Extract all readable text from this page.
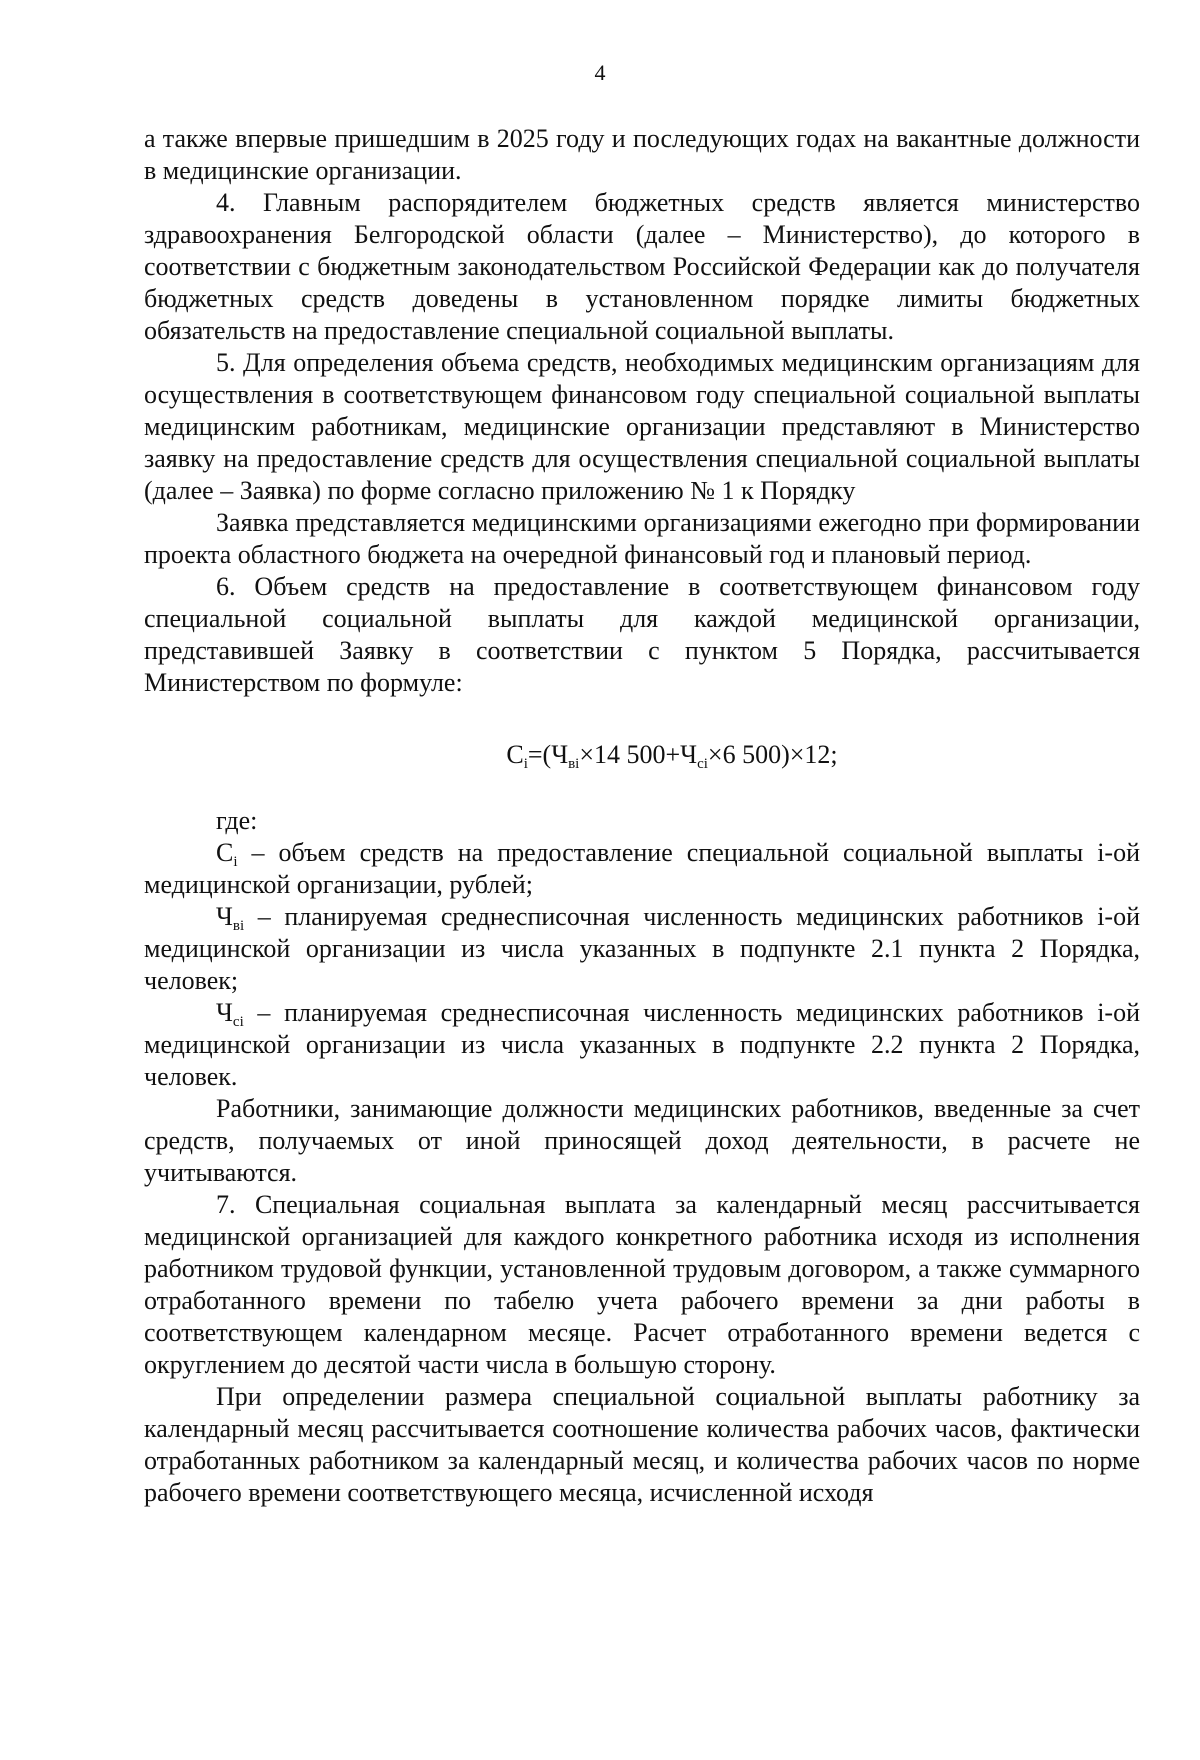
4

а также впервые пришедшим в 2025 году и последующих годах на вакантные должности в медицинские организации.

4. Главным распорядителем бюджетных средств является министерство здравоохранения Белгородской области (далее – Министерство), до которого в соответствии с бюджетным законодательством Российской Федерации как до получателя бюджетных средств доведены в установленном порядке лимиты бюджетных обязательств на предоставление специальной социальной выплаты.

5. Для определения объема средств, необходимых медицинским организациям для осуществления в соответствующем финансовом году специальной социальной выплаты медицинским работникам, медицинские организации представляют в Министерство заявку на предоставление средств для осуществления специальной социальной выплаты (далее – Заявка) по форме согласно приложению № 1 к Порядку

Заявка представляется медицинскими организациями ежегодно при формировании проекта областного бюджета на очередной финансовый год и плановый период.

6. Объем средств на предоставление в соответствующем финансовом году специальной социальной выплаты для каждой медицинской организации, представившей Заявку в соответствии с пунктом 5 Порядка, рассчитывается Министерством по формуле:

$C_i=(Ч_{вi}\times 14$ $500+Ч_{сi}\times 6$ 500)×12;

где:

$C_i$ – объем средств на предоставление специальной социальной выплаты i-ой медицинской организации, рублей;

$Ч_{вi}$ – планируемая среднесписочная численность медицинских работников i-ой медицинской организации из числа указанных в подпункте 2.1 пункта 2 Порядка, человек;

$Ч_{сi}$ – планируемая среднесписочная численность медицинских работников i-ой медицинской организации из числа указанных в подпункте 2.2 пункта 2 Порядка, человек.

Работники, занимающие должности медицинских работников, введенные за счет средств, получаемых от иной приносящей доход деятельности, в расчете не учитываются.

7. Специальная социальная выплата за календарный месяц рассчитывается медицинской организацией для каждого конкретного работника исходя из исполнения работником трудовой функции, установленной трудовым договором, а также суммарного отработанного времени по табелю учета рабочего времени за дни работы в соответствующем календарном месяце. Расчет отработанного времени ведется с округлением до десятой части числа в большую сторону.

При определении размера специальной социальной выплаты работнику за календарный месяц рассчитывается соотношение количества рабочих часов, фактически отработанных работником за календарный месяц, и количества рабочих часов по норме рабочего времени соответствующего месяца, исчисленной исходя
